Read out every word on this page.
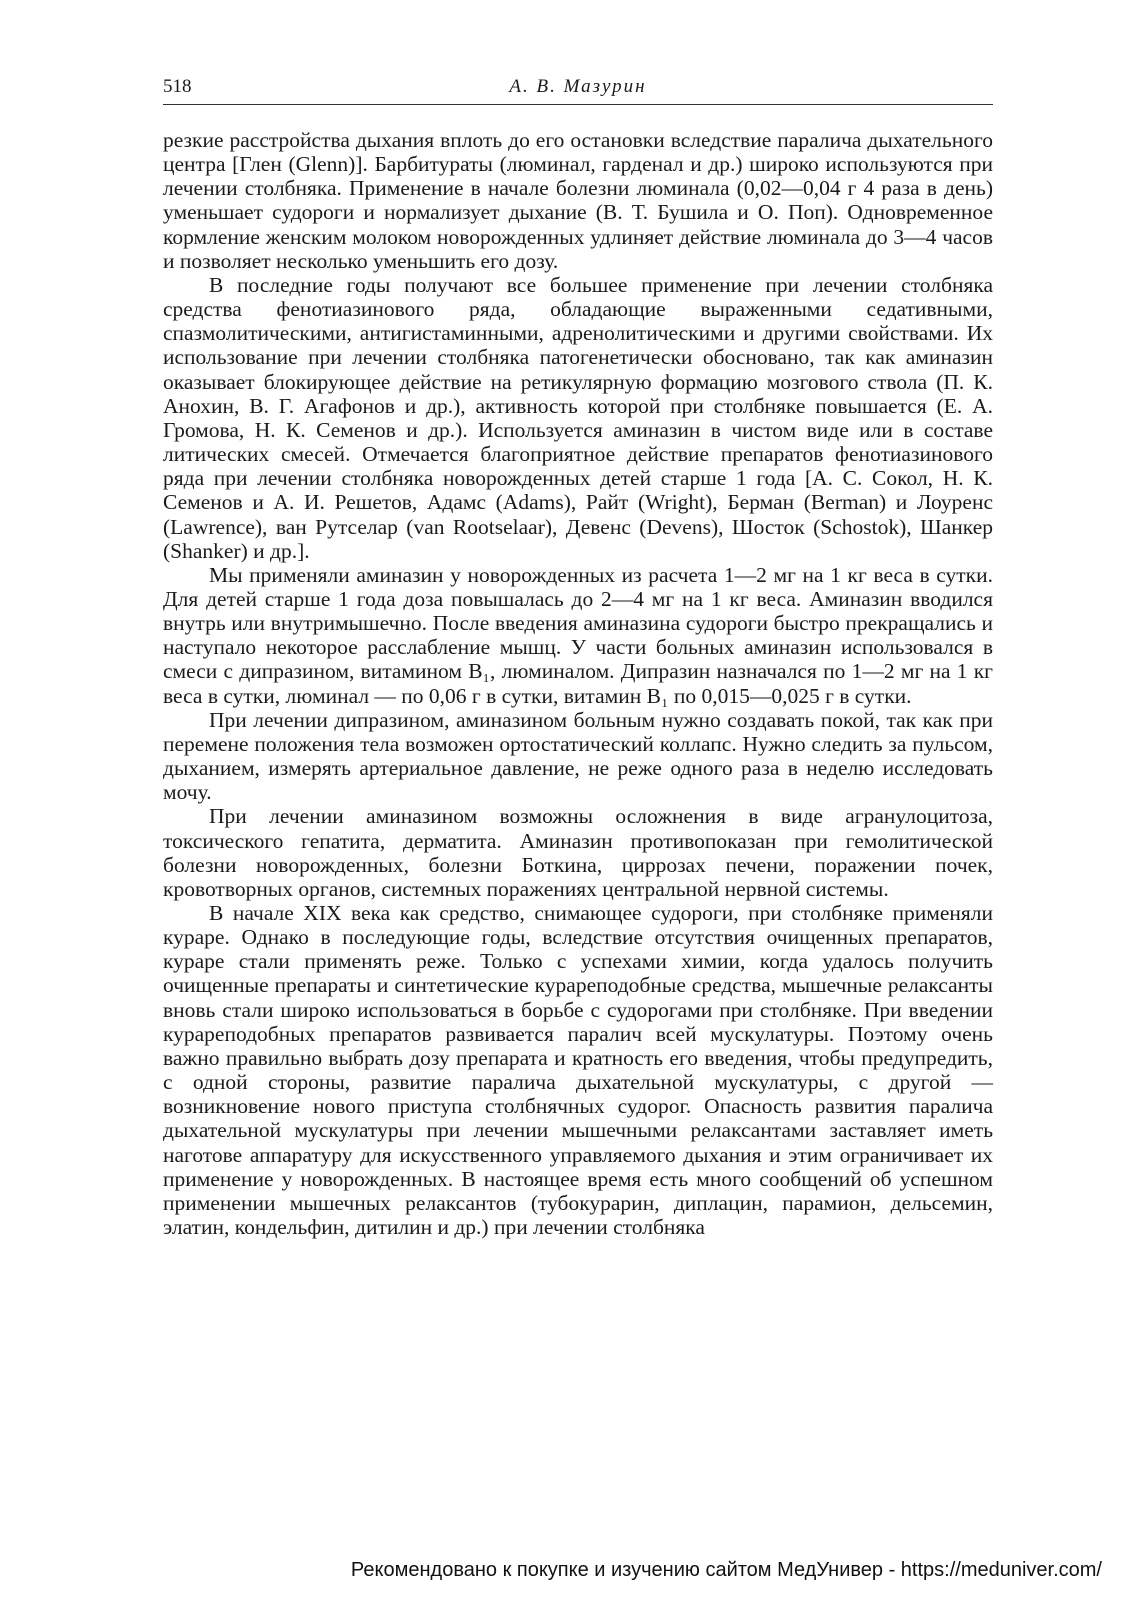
518	А. В. Мазурин

резкие расстройства дыхания вплоть до его остановки вследствие паралича дыхательного центра [Глен (Glenn)]. Барбитураты (люминал, гарденал и др.) широко используются при лечении столбняка. Применение в начале болезни люминала (0,02—0,04 г 4 раза в день) уменьшает судороги и нормализует дыхание (В. Т. Бушила и О. Поп). Одновременное кормление женским молоком новорожденных удлиняет действие люминала до 3—4 часов и позволяет несколько уменьшить его дозу.

В последние годы получают все большее применение при лечении столбняка средства фенотиазинового ряда, обладающие выраженными седативными, спазмолитическими, антигистаминными, адренолитическими и другими свойствами. Их использование при лечении столбняка патогенетически обосновано, так как аминазин оказывает блокирующее действие на ретикулярную формацию мозгового ствола (П. К. Анохин, В. Г. Агафонов и др.), активность которой при столбняке повышается (Е. А. Громова, Н. К. Семенов и др.). Используется аминазин в чистом виде или в составе литических смесей. Отмечается благоприятное действие препаратов фенотиазинового ряда при лечении столбняка новорожденных детей старше 1 года [А. С. Сокол, Н. К. Семенов и А. И. Решетов, Адамс (Adams), Райт (Wright), Берман (Berman) и Лоуренс (Lawrence), ван Рутселар (van Rootselaar), Девенс (Devens), Шосток (Schostok), Шанкер (Shanker) и др.].

Мы применяли аминазин у новорожденных из расчета 1—2 мг на 1 кг веса в сутки. Для детей старше 1 года доза повышалась до 2—4 мг на 1 кг веса. Аминазин вводился внутрь или внутримышечно. После введения аминазина судороги быстро прекращались и наступало некоторое расслабление мышц. У части больных аминазин использовался в смеси с дипразином, витамином B₁, люминалом. Дипразин назначался по 1—2 мг на 1 кг веса в сутки, люминал — по 0,06 г в сутки, витамин B₁ по 0,015—0,025 г в сутки.

При лечении дипразином, аминазином больным нужно создавать покой, так как при перемене положения тела возможен ортостатический коллапс. Нужно следить за пульсом, дыханием, измерять артериальное давление, не реже одного раза в неделю исследовать мочу.

При лечении аминазином возможны осложнения в виде агранулоцитоза, токсического гепатита, дерматита. Аминазин противопоказан при гемолитической болезни новорожденных, болезни Боткина, циррозах печени, поражении почек, кровотворных органов, системных поражениях центральной нервной системы.

В начале XIX века как средство, снимающее судороги, при столбняке применяли кураре. Однако в последующие годы, вследствие отсутствия очищенных препаратов, кураре стали применять реже. Только с успехами химии, когда удалось получить очищенные препараты и синтетические курареподобные средства, мышечные релаксанты вновь стали широко использоваться в борьбе с судорогами при столбняке. При введении курареподобных препаратов развивается паралич всей мускулатуры. Поэтому очень важно правильно выбрать дозу препарата и кратность его введения, чтобы предупредить, с одной стороны, развитие паралича дыхательной мускулатуры, с другой — возникновение нового приступа столбнячных судорог. Опасность развития паралича дыхательной мускулатуры при лечении мышечными релаксантами заставляет иметь наготове аппаратуру для искусственного управляемого дыхания и этим ограничивает их применение у новорожденных. В настоящее время есть много сообщений об успешном применении мышечных релаксантов (тубокурарин, диплацин, парамион, дельсемин, элатин, кондельфин, дитилин и др.) при лечении столбняка

Рекомендовано к покупке и изучению сайтом МедУнивер - https://meduniver.com/
